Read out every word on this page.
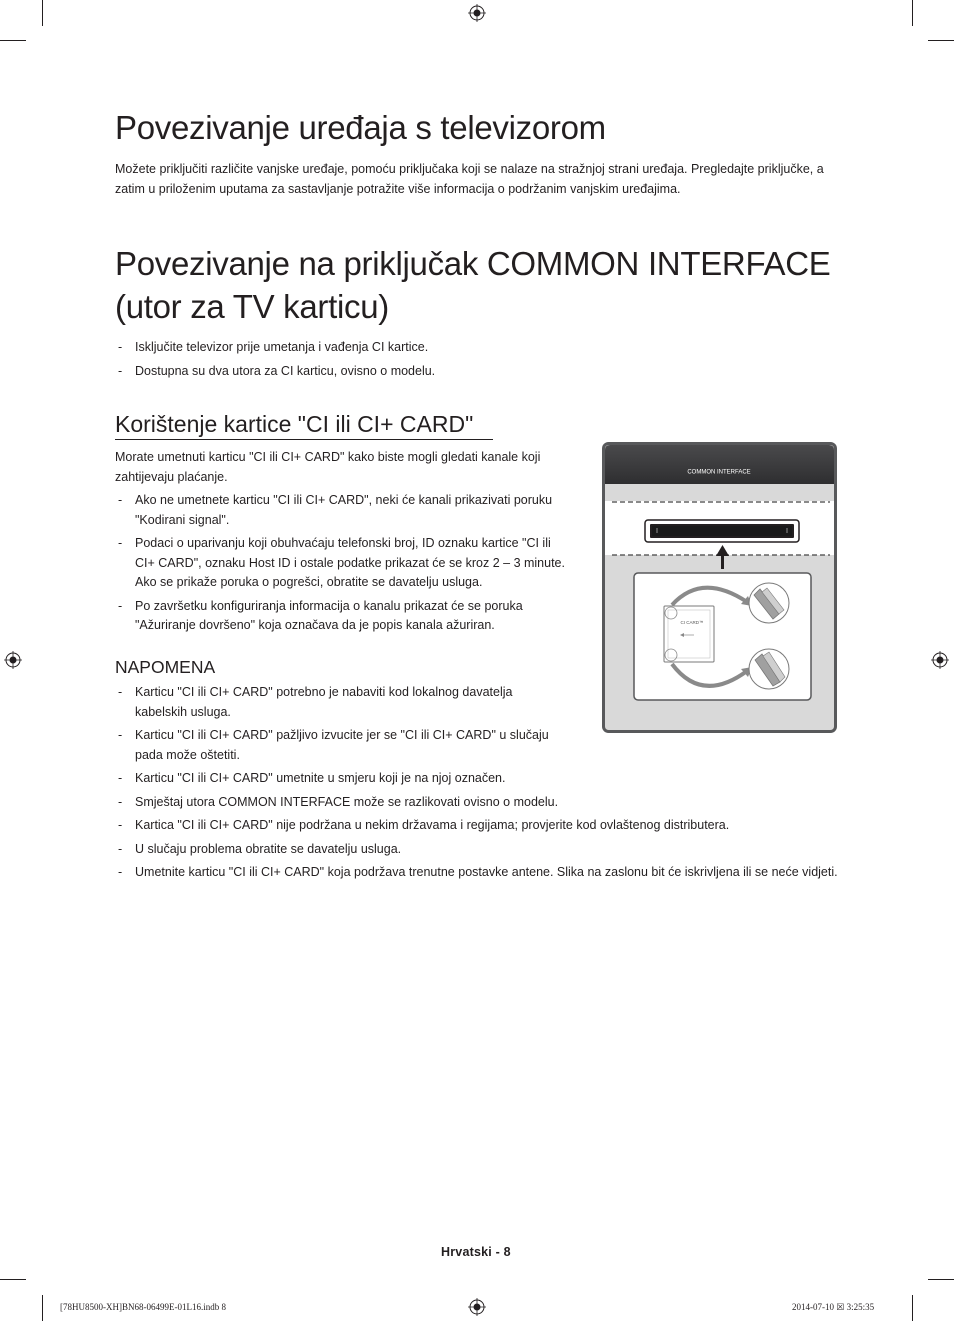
Povezivanje uređaja s televizorom

Možete priključiti različite vanjske uređaje, pomoću priključaka koji se nalaze na stražnjoj strani uređaja. Pregledajte priključke, a zatim u priloženim uputama za sastavljanje potražite više informacija o podržanim vanjskim uređajima.

Povezivanje na priključak COMMON INTERFACE
(utor za TV karticu)
- Isključite televizor prije umetanja i vađenja CI kartice.
- Dostupna su dva utora za CI karticu, ovisno o modelu.
Korištenje kartice "CI ili CI+ CARD"

Morate umetnuti karticu "CI ili CI+ CARD" kako biste mogli gledati kanale koji zahtijevaju plaćanje.

- Ako ne umetnete karticu "CI ili CI+ CARD", neki će kanali prikazivati poruku "Kodirani signal".
- Podaci o uparivanju koji obuhvaćaju telefonski broj, ID oznaku kartice "CI ili CI+ CARD", oznaku Host ID i ostale podatke prikazat će se kroz 2 – 3 minute. Ako se prikaže poruka o pogrešci, obratite se davatelju usluga.
- Po završetku konfiguriranja informacija o kanalu prikazat će se poruka "Ažuriranje dovršeno" koja označava da je popis kanala ažuriran.
NAPOMENA
- Karticu "CI ili CI+ CARD" potrebno je nabaviti kod lokalnog davatelja kabelskih usluga.
- Karticu "CI ili CI+ CARD" pažljivo izvucite jer se "CI ili CI+ CARD" u slučaju pada može oštetiti.
- Karticu "CI ili CI+ CARD" umetnite u smjeru koji je na njoj označen.
- Smještaj utora COMMON INTERFACE može se razlikovati ovisno o modelu.
- Kartica "CI ili CI+ CARD" nije podržana u nekim državama i regijama; provjerite kod ovlaštenog distributera.
- U slučaju problema obratite se davatelju usluga.
- Umetnite karticu "CI ili CI+ CARD" koja podržava trenutne postavke antene. Slika na zaslonu bit će iskrivljena ili se neće vidjeti.
COMMON INTERFACE
CI CARD™
Hrvatski - 8
[78HU8500-XH]BN68-06499E-01L16.indb 8	2014-07-10 ☒ 3:25:35
